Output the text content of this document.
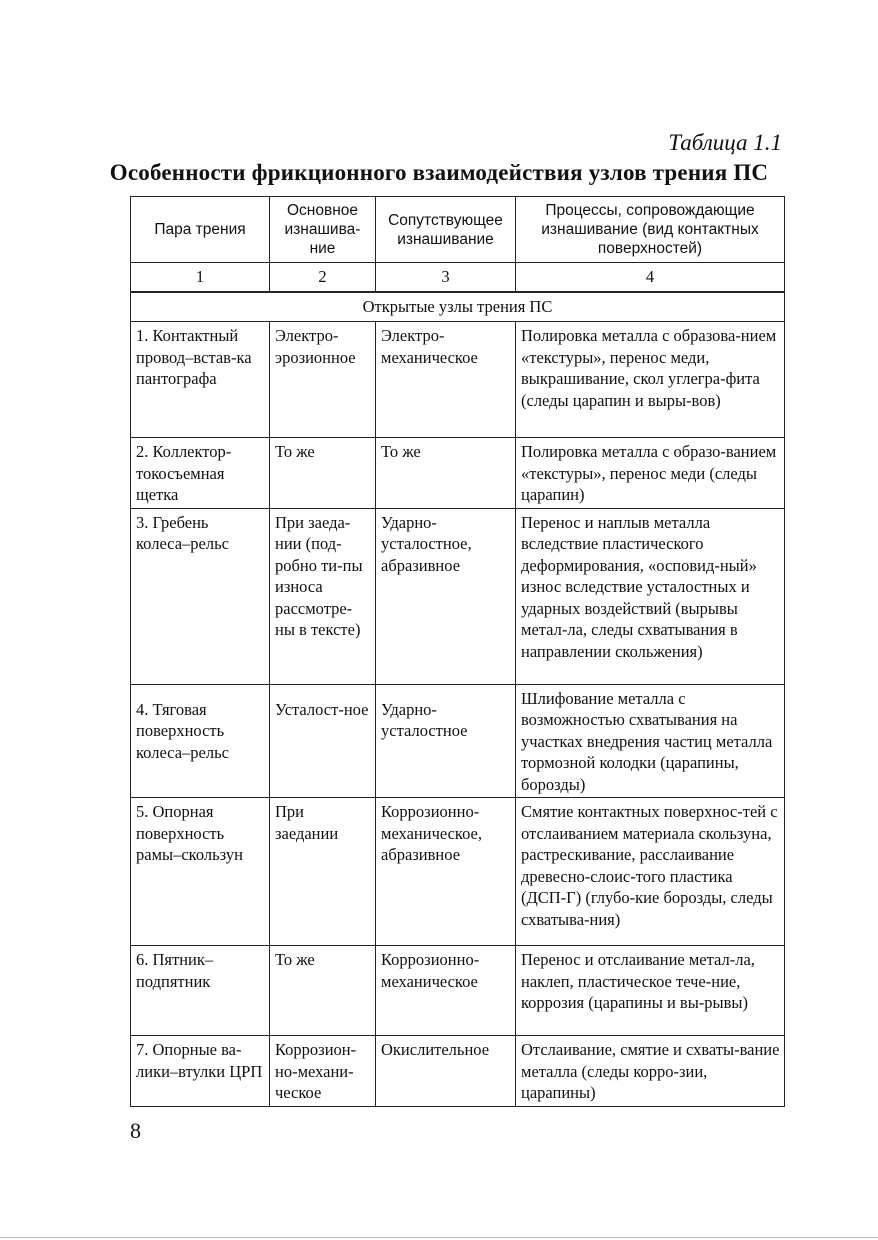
Таблица 1.1
Особенности фрикционного взаимодействия узлов трения ПС
Пара трения	Основное изнашива-ние	Сопутствующее изнашивание	Процессы, сопровождающие изнашивание (вид контактных поверхностей)
1	2	3	4
Открытые узлы трения ПС			
1. Контактный провод–встав-ка пантографа	Электро-эрозионное	Электро-механическое	Полировка металла с образова-нием «текстуры», перенос меди, выкрашивание, скол углегра-фита (следы царапин и выры-вов)
2. Коллектор-токосъемная щетка	То же	То же	Полировка металла с образо-ванием «текстуры», перенос меди (следы царапин)
3. Гребень колеса–рельс	При заеда-нии (под-робно ти-пы износа рассмотре-ны в тексте)	Ударно-усталостное, абразивное	Перенос и наплыв металла вследствие пластического деформирования, «осповид-ный» износ вследствие усталостных и ударных воздействий (вырывы метал-ла, следы схватывания в направлении скольжения)
4. Тяговая поверхность колеса–рельс	Усталост-ное	Ударно-усталостное	Шлифование металла с возможностью схватывания на участках внедрения частиц металла тормозной колодки (царапины, борозды)
5. Опорная поверхность рамы–скользун	При заедании	Коррозионно-механическое, абразивное	Смятие контактных поверхнос-тей с отслаиванием материала скользуна, растрескивание, расслаивание древесно-слоис-того пластика (ДСП-Г) (глубо-кие борозды, следы схватыва-ния)
6. Пятник–подпятник	То же	Коррозионно-механическое	Перенос и отслаивание метал-ла, наклеп, пластическое тече-ние, коррозия (царапины и вы-рывы)
7. Опорные ва-лики–втулки ЦРП	Коррозион-но-механи-ческое	Окислительное	Отслаивание, смятие и схваты-вание металла (следы корро-зии, царапины)
8
